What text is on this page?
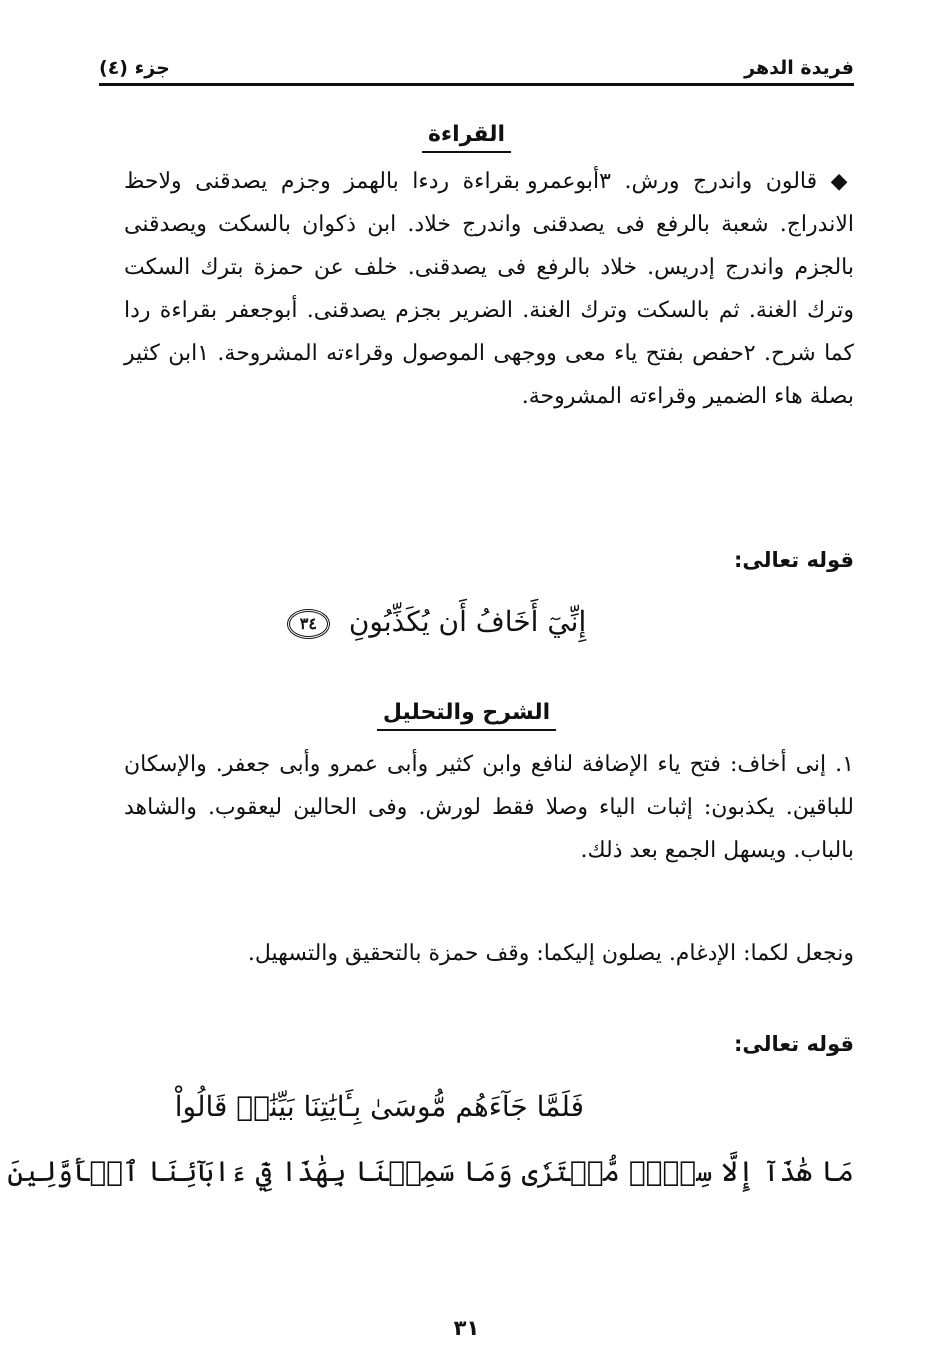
فريدة الدهر
جزء (٤)
القراءة
◆ قالون واندرج ورش. ٣أبوعمرو بقراءة ردءا بالهمز وجزم يصدقنى ولاحظ الاندراج. شعبة بالرفع فى يصدقنى واندرج خلاد. ابن ذكوان بالسكت ويصدقنى بالجزم واندرج إدريس. خلاد بالرفع فى يصدقنى. خلف عن حمزة بترك السكت وترك الغنة. ثم بالسكت وترك الغنة. الضرير بجزم يصدقنى. أبوجعفر بقراءة ردا كما شرح. ٢حفص بفتح ياء معى ووجهى الموصول وقراءته المشروحة. ١ابن كثير بصلة هاء الضمير وقراءته المشروحة.
قوله تعالى:
إِنِّيٓ أَخَافُ أَن يُكَذِّبُونِ ٣٤
الشرح والتحليل
١. إنى أخاف: فتح ياء الإضافة لنافع وابن كثير وأبى عمرو وأبى جعفر. والإسكان للباقين. يكذبون: إثبات الياء وصلا فقط لورش. وفى الحالين ليعقوب. والشاهد بالباب. ويسهل الجمع بعد ذلك.
ونجعل لكما: الإدغام. يصلون إليكما: وقف حمزة بالتحقيق والتسهيل.
قوله تعالى:
فَلَمَّا جَآءَهُم مُّوسَىٰ بِـَٔايَٰتِنَا بَيِّنَٰتٖ قَالُواْ
مَا هَٰذَآ إِلَّا سِحۡرٞ مُّفۡتَرٗى وَمَا سَمِعۡنَا بِهَٰذَا فِيٓ ءَابَآئِنَا ٱلۡأَوَّلِينَ
٣١
